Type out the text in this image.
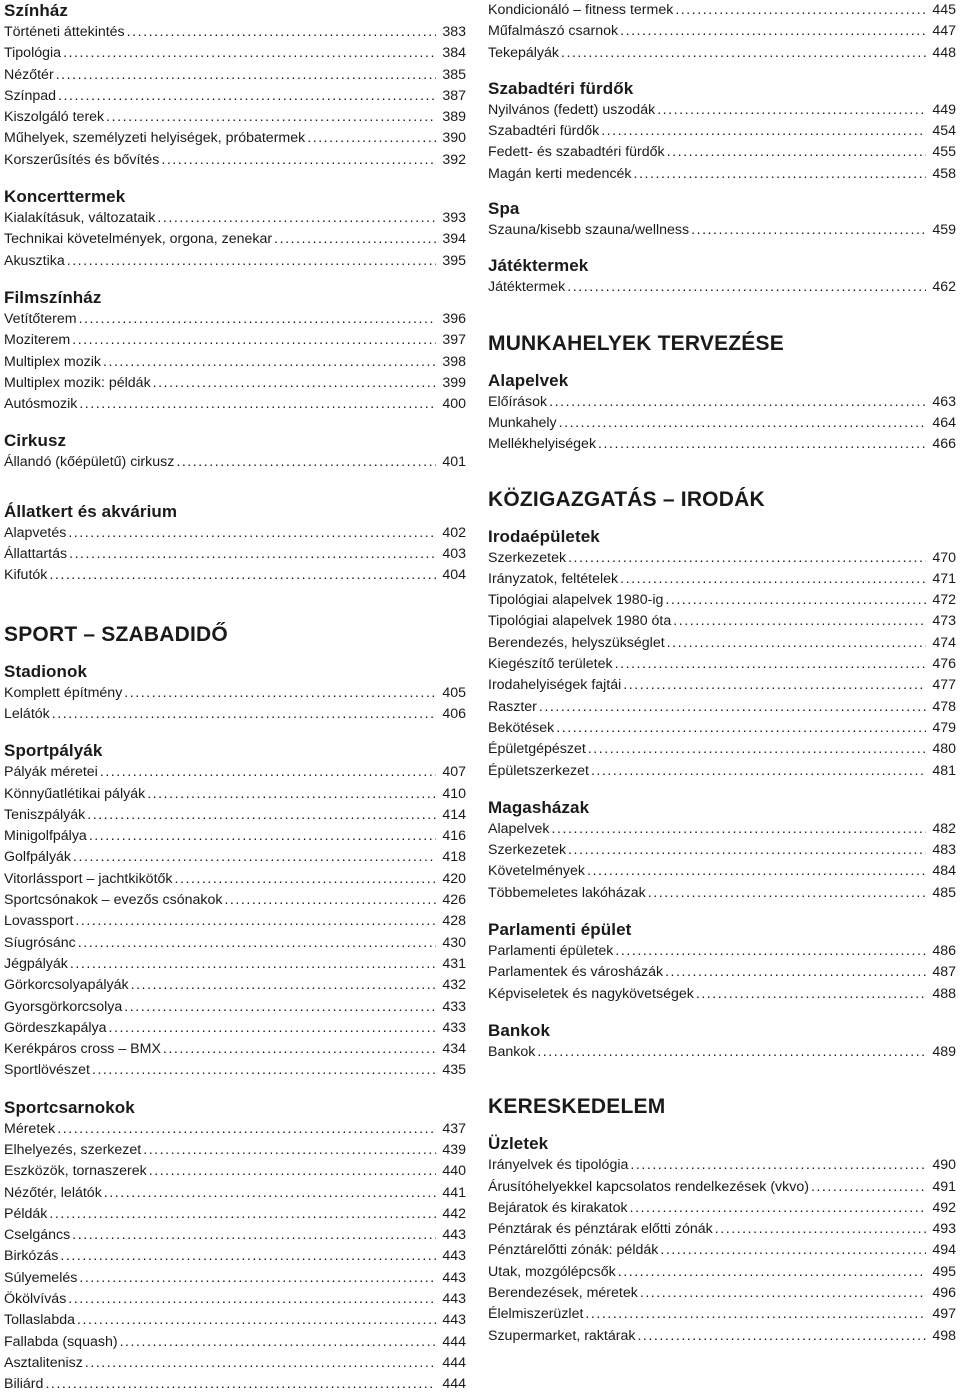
Színház
Történeti áttekintés . . .	383
Tipológia . . .	384
Nézőtér . . .	385
Színpad . . .	387
Kiszolgáló terek . . .	389
Műhelyek, személyzeti helyiségek, próbatermek . . .	390
Korszerűsítés és bővítés . . .	392
Koncerttermek
Kialakításuk, változataik . . .	393
Technikai követelmények, orgona, zenekar . . .	394
Akusztika . . .	395
Filmszínház
Vetítőterem . . .	396
Moziterem . . .	397
Multiplex mozik . . .	398
Multiplex mozik: példák . . .	399
Autósmozik . . .	400
Cirkusz
Állandó (kőépületű) cirkusz . . .	401
Állatkert és akvárium
Alapvetés . . .	402
Állattartás . . .	403
Kifutók . . .	404
SPORT – SZABADIDŐ
Stadionok
Komplett építmény . . .	405
Lelátók . . .	406
Sportpályák
Pályák méretei . . .	407
Könnyűatlétikai pályák . . .	410
Teniszpályák . . .	414
Minigolfpálya . . .	416
Golfpályák . . .	418
Vitorlássport – jachtkikötők . . .	420
Sportcsónakok – evezős csónakok . . .	426
Lovassport . . .	428
Síugrósánc . . .	430
Jégpályák . . .	431
Görkorcsolyapályák . . .	432
Gyorsgörkorcsolya . . .	433
Gördeszkapálya . . .	433
Kerékpáros cross – BMX . . .	434
Sportlövészet . . .	435
Sportcsarnokok
Méretek . . .	437
Elhelyezés, szerkezet . . .	439
Eszközök, tornaszerek . . .	440
Nézőtér, lelátók . . .	441
Példák . . .	442
Cselgáncs . . .	443
Birkózás . . .	443
Súlyemelés . . .	443
Ökölvívás . . .	443
Tollaslabda . . .	443
Fallabda (squash) . . .	444
Asztalitenisz . . .	444
Biliárd . . .	444
Kondicionáló – fitness termek . . .	445
Műfalmászó csarnok . . .	447
Tekepályák . . .	448
Szabadtéri fürdők
Nyilvános (fedett) uszodák . . .	449
Szabadtéri fürdők . . .	454
Fedett- és szabadtéri fürdők . . .	455
Magán kerti medencék . . .	458
Spa
Szauna/kisebb szauna/wellness . . .	459
Játéktermek
Játéktermek . . .	462
MUNKAHELYEK TERVEZÉSE
Alapelvek
Előírások . . .	463
Munkahely . . .	464
Mellékhelyiségek . . .	466
KÖZIGAZGATÁS – IRODÁK
Irodaépületek
Szerkezetek . . .	470
Irányzatok, feltételek . . .	471
Tipológiai alapelvek 1980-ig . . .	472
Tipológiai alapelvek 1980 óta . . .	473
Berendezés, helyszükséglet . . .	474
Kiegészítő területek . . .	476
Irodahelyiségek fajtái . . .	477
Raszter . . .	478
Bekötések . . .	479
Épületgépészet . . .	480
Épületszerkezet . . .	481
Magasházak
Alapelvek . . .	482
Szerkezetek . . .	483
Követelmények . . .	484
Többemeletes lakóházak . . .	485
Parlamenti épület
Parlamenti épületek . . .	486
Parlamentek és városházák . . .	487
Képviseletek és nagykövetségek . . .	488
Bankok
Bankok . . .	489
KERESKEDELEM
Üzletek
Irányelvek és tipológia . . .	490
Árusítóhelyekkel kapcsolatos rendelkezések (vkvo) . . .	491
Bejáratok és kirakatok . . .	492
Pénztárak és pénztárak előtti zónák . . .	493
Pénztárelőtti zónák: példák . . .	494
Utak, mozgólépcsők . . .	495
Berendezések, méretek . . .	496
Élelmiszerüzlet . . .	497
Szupermarket, raktárak . . .	498
